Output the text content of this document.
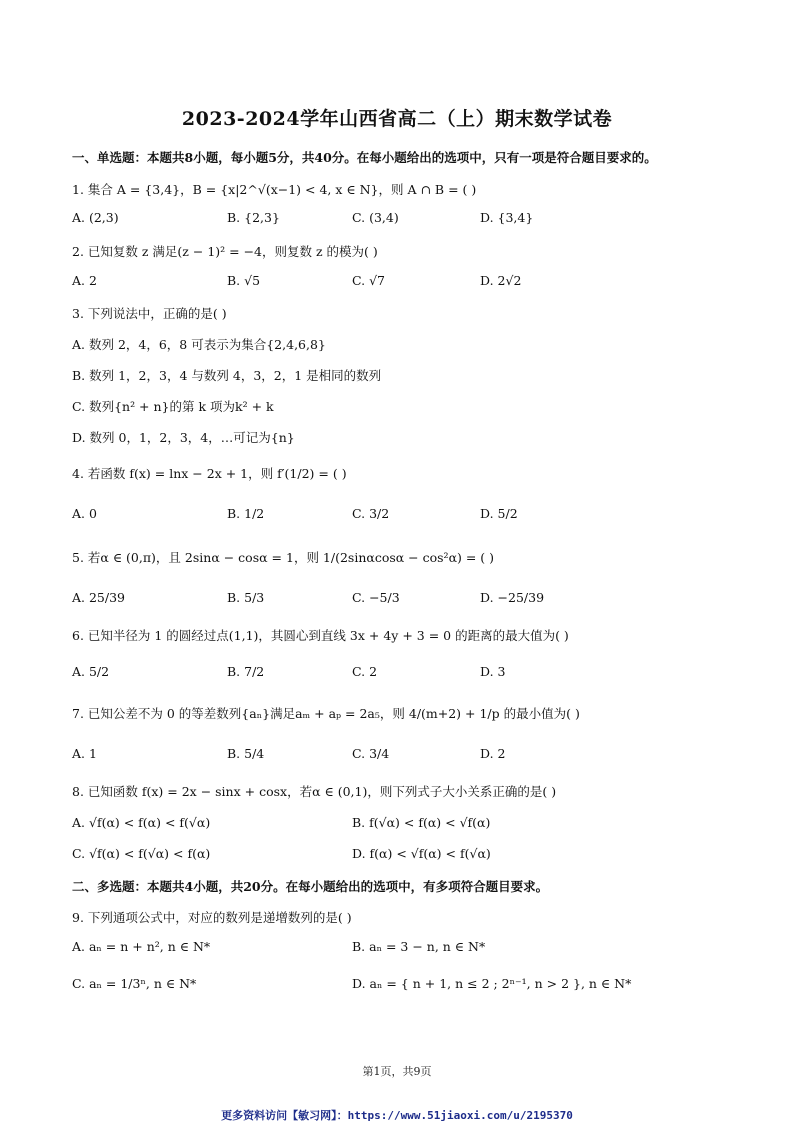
2023-2024学年山西省高二（上）期末数学试卷
一、单选题：本题共8小题，每小题5分，共40分。在每小题给出的选项中，只有一项是符合题目要求的。
1. 集合 A = {3,4}，B = {x|2^√(x−1) < 4, x ∈ N}，则 A ∩ B = ( )
A. (2,3)	B. {2,3}	C. (3,4)	D. {3,4}
2. 已知复数 z 满足(z − 1)² = −4，则复数 z 的模为( )
A. 2	B. √5	C. √7	D. 2√2
3. 下列说法中，正确的是( )
A. 数列 2，4，6，8 可表示为集合{2,4,6,8}
B. 数列 1，2，3，4 与数列 4，3，2，1 是相同的数列
C. 数列{n² + n}的第 k 项为k² + k
D. 数列 0，1，2，3，4，…可记为{n}
4. 若函数 f(x) = lnx − 2x + 1，则 f′(1/2) = ( )
A. 0	B. 1/2	C. 3/2	D. 5/2
5. 若α ∈ (0,π)，且 2sinα − cosα = 1，则 1/(2sinαcosα − cos²α) = ( )
A. 25/39	B. 5/3	C. −5/3	D. −25/39
6. 已知半径为 1 的圆经过点(1,1)，其圆心到直线 3x + 4y + 3 = 0 的距离的最大值为( )
A. 5/2	B. 7/2	C. 2	D. 3
7. 已知公差不为 0 的等差数列{aₙ}满足aₘ + aₚ = 2a₅，则 4/(m+2) + 1/p 的最小值为( )
A. 1	B. 5/4	C. 3/4	D. 2
8. 已知函数 f(x) = 2x − sinx + cosx，若α ∈ (0,1)，则下列式子大小关系正确的是( )
A. √f(α) < f(α) < f(√α)	B. f(√α) < f(α) < √f(α)
C. √f(α) < f(√α) < f(α)	D. f(α) < √f(α) < f(√α)
二、多选题：本题共4小题，共20分。在每小题给出的选项中，有多项符合题目要求。
9. 下列通项公式中，对应的数列是递增数列的是( )
A. aₙ = n + n², n ∈ N*	B. aₙ = 3 − n, n ∈ N*
C. aₙ = 1/3ⁿ, n ∈ N*	D. aₙ = { n + 1, n ≤ 2 ; 2ⁿ⁻¹, n > 2 }, n ∈ N*
第1页，共9页
更多资料访问【敏习网】：https://www.51jiaoxi.com/u/2195370
